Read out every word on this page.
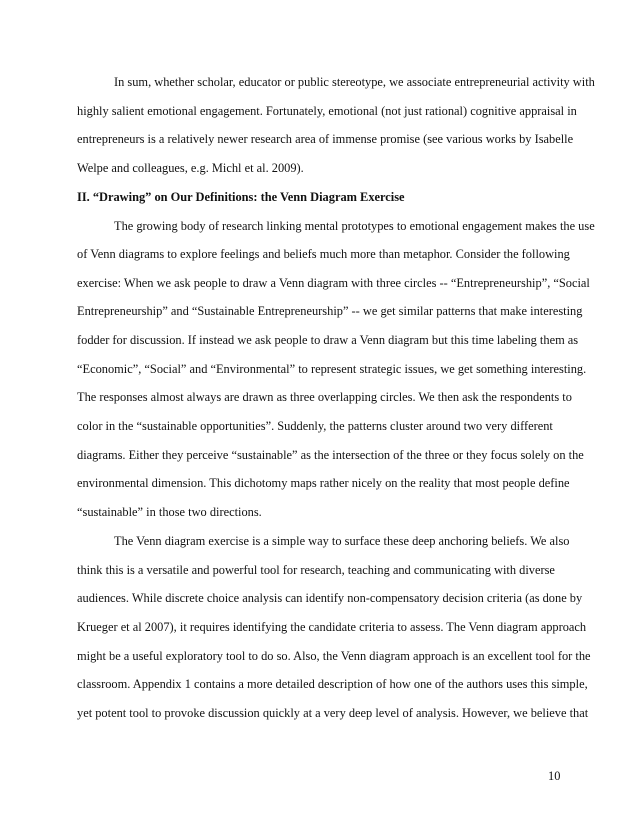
In sum, whether scholar, educator or public stereotype, we associate entrepreneurial activity with
highly salient emotional engagement. Fortunately, emotional (not just rational) cognitive appraisal in
entrepreneurs is a relatively newer research area of immense promise (see various works by Isabelle
Welpe and colleagues, e.g. Michl et al. 2009).
II. “Drawing” on Our Definitions: the Venn Diagram Exercise
The growing body of research linking mental prototypes to emotional engagement makes the use
of Venn diagrams to explore feelings and beliefs much more than metaphor. Consider the following
exercise: When we ask people to draw a Venn diagram with three circles -- “Entrepreneurship”, “Social
Entrepreneurship” and “Sustainable Entrepreneurship” -- we get similar patterns that make interesting
fodder for discussion. If instead we ask people to draw a Venn diagram but this time labeling them as
“Economic”, “Social” and “Environmental” to represent strategic issues, we get something interesting.
The responses almost always are drawn as three overlapping circles. We then ask the respondents to
color in the “sustainable opportunities”. Suddenly, the patterns cluster around two very different
diagrams. Either they perceive “sustainable” as the intersection of the three or they focus solely on the
environmental dimension. This dichotomy maps rather nicely on the reality that most people define
“sustainable” in those two directions.
The Venn diagram exercise is a simple way to surface these deep anchoring beliefs. We also
think this is a versatile and powerful tool for research, teaching and communicating with diverse
audiences. While discrete choice analysis can identify non-compensatory decision criteria (as done by
Krueger et al 2007), it requires identifying the candidate criteria to assess. The Venn diagram approach
might be a useful exploratory tool to do so. Also, the Venn diagram approach is an excellent tool for the
classroom. Appendix 1 contains a more detailed description of how one of the authors uses this simple,
yet potent tool to provoke discussion quickly at a very deep level of analysis. However, we believe that
10
